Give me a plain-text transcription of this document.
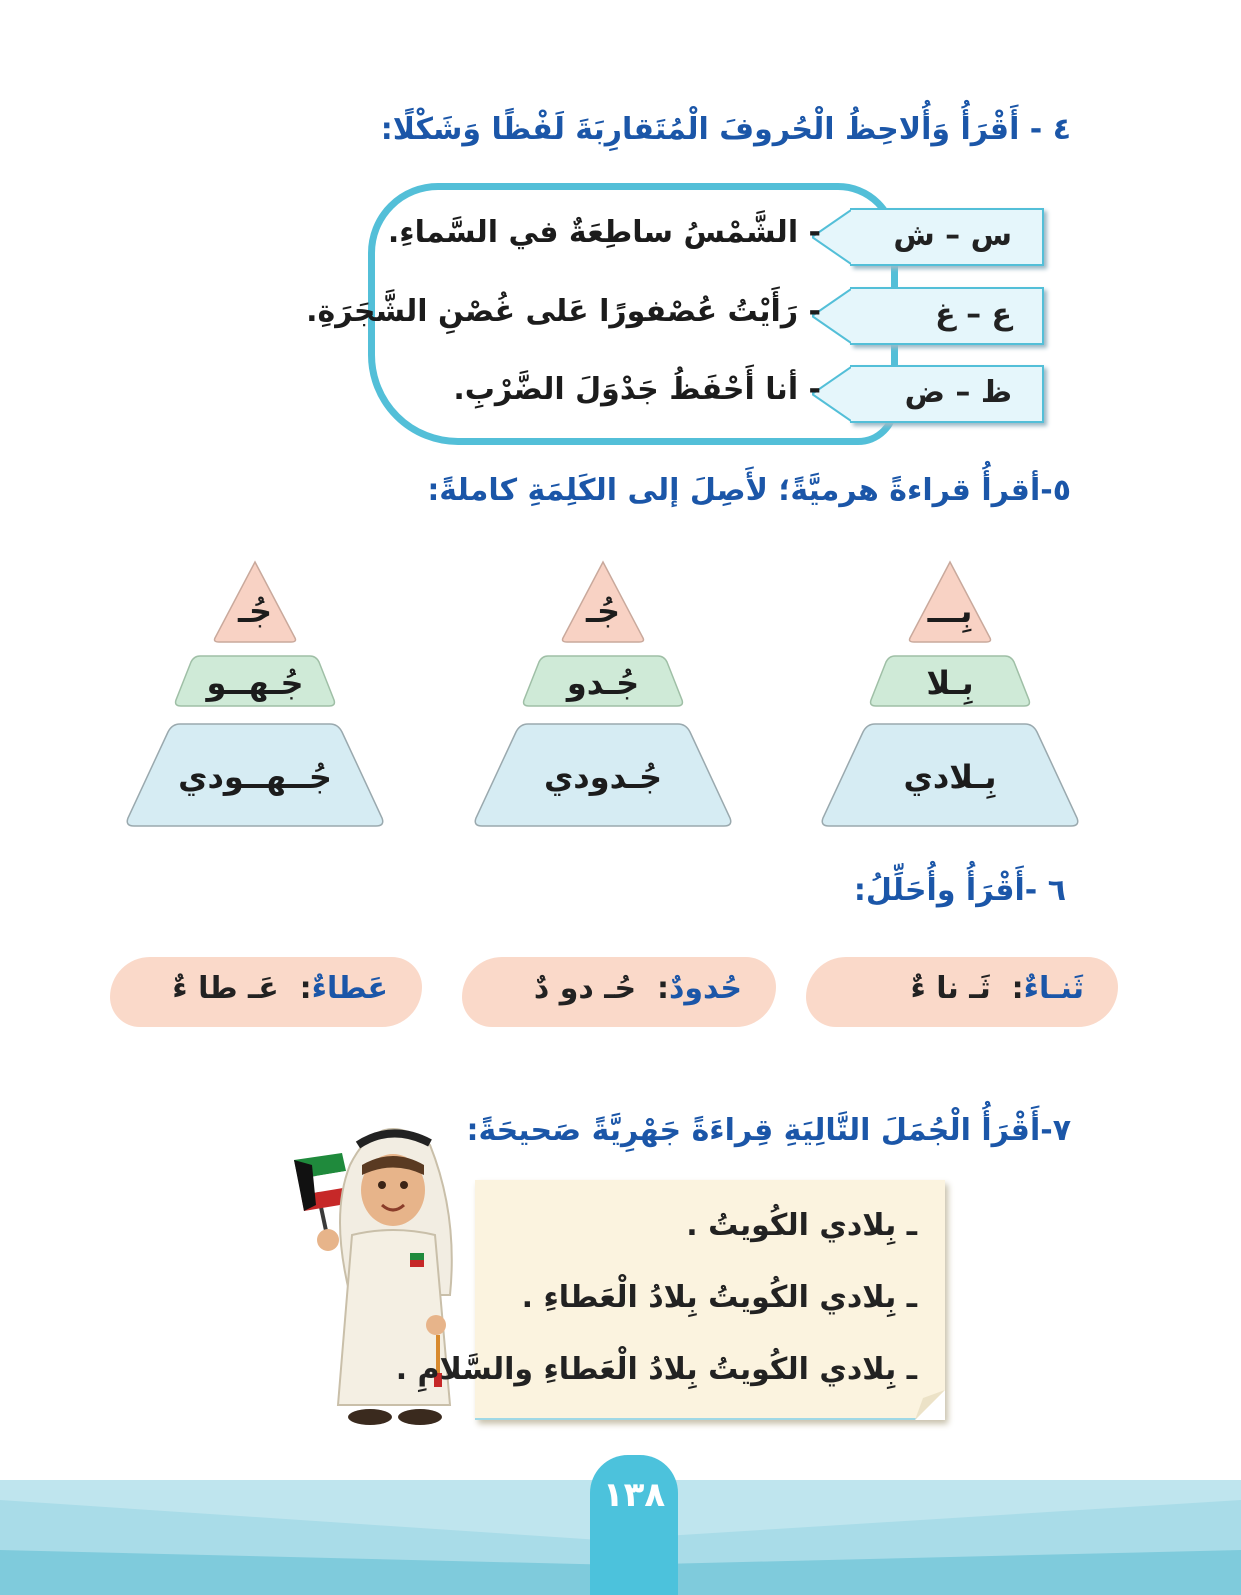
٤ - أَقْرَأُ وَأُلاحِظُ الْحُروفَ الْمُتَقارِبَةَ لَفْظًا وَشَكْلًا:
س – ش
- الشَّمْسُ ساطِعَةٌ في السَّماءِ.
ع – غ
- رَأَيْتُ عُصْفورًا عَلى غُصْنِ الشَّجَرَةِ.
ظ – ض
- أنا أَحْفَظُ جَدْوَلَ الضَّرْبِ.
٥-أقرأُ قراءةً هرميَّةً؛ لأَصِلَ إلى الكَلِمَةِ كاملةً:
بِـــ
بِـلا
بِـلادي
جُـ
جُـدو
جُـدودي
جُـ
جُـهــو
جُــهــودي
٦ -أَقْرَأُ وأُحَلِّلُ:
ثَنـاءٌ:  ثَـ نا ءٌ
حُدودٌ:  حُـ دو دٌ
عَطاءٌ:  عَـ طا ءٌ
٧-أَقْرَأُ الْجُمَلَ التَّالِيَةِ قِراءَةً جَهْرِيَّةً صَحيحَةً:
ـ بِلادي الكُويتُ .
ـ بِلادي الكُويتُ بِلادُ الْعَطاءِ .
ـ بِلادي الكُويتُ بِلادُ الْعَطاءِ والسَّلامِ .
١٣٨
